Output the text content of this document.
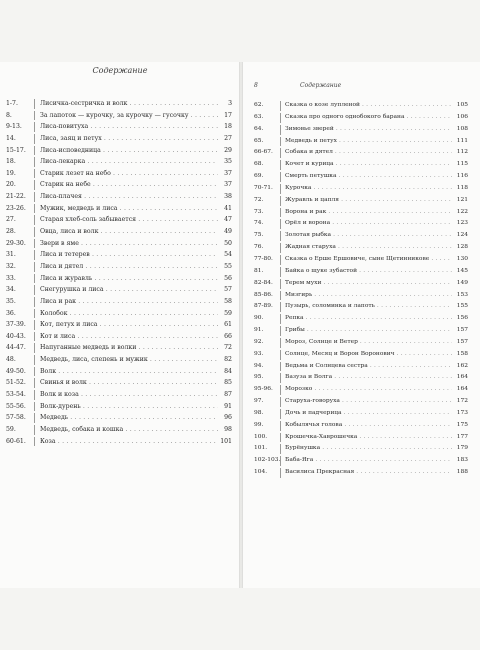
Содержание
8	Содержание
1-7.	Лисичка-сестричка и волк . . .	3
8.	За лапоток — курочку, за курочку — гусочку . . .	17
9-13.	Лиса-повитуха . . .	18
14.	Лиса, заяц и петух . . .	27
15-17.	Лиса-исповедница . . .	29
18.	Лиса-лекарка . . .	35
19.	Старик лезет на небо . . .	37
20.	Старик на небе . . .	37
21-22.	Лиса-плачея . . .	38
23-26.	Мужик, медведь и лиса . . .	41
27.	Старая хлеб-соль забывается . . .	47
28.	Овца, лиса и волк . . .	49
29-30.	Звери в яме . . .	50
31.	Лиса и тетерев . . .	54
32.	Лиса и дятел . . .	55
33.	Лиса и журавль . . .	56
34.	Снегурушка и лиса . . .	57
35.	Лиса и рак . . .	58
36.	Колобок . . .	59
37-39.	Кот, петух и лиса . . .	61
40-43.	Кот и лиса . . .	66
44-47.	Напуганные медведь и волки . . .	72
48.	Медведь, лиса, слепень и мужик . . .	82
49-50.	Волк . . .	84
51-52.	Свинья и волк . . .	85
53-54.	Волк и коза . . .	87
55-56.	Волк-дурень . . .	91
57-58.	Медведь . . .	96
59.	Медведь, собака и кошка . . .	98
60-61.	Коза . . .	101
62.	Сказка о козе лупленой . . .	105
63.	Сказка про одного однобокого барана . . .	106
64.	Зимовье зверей . . .	108
65.	Медведь и петух . . .	111
66-67.	Собака и дятел . . .	112
68.	Кочет и курица . . .	115
69.	Смерть петушка . . .	116
70-71.	Курочка . . .	118
72.	Журавль и цапля . . .	121
73.	Ворона и рак . . .	122
74.	Орёл и ворона . . .	123
75.	Золотая рыбка . . .	124
76.	Жадная старуха . . .	128
77-80.	Сказка о Ерше Ершовиче, сыне Щетинникове . . .	130
81.	Байка о щуке зубастой . . .	145
82-84.	Терем мухи . . .	149
85-86.	Мизгирь . . .	153
87-89.	Пузырь, соломинка и лапоть . . .	155
90.	Репка . . .	156
91.	Грибы . . .	157
92.	Мороз, Солнце и Ветер . . .	157
93.	Солнце, Месяц и Ворон Воронович . . .	158
94.	Ведьма и Солнцева сестра . . .	162
95.	Вазуза и Волга . . .	164
95-96.	Морозко . . .	164
97.	Старуха-говоруха . . .	172
98.	Дочь и падчерица . . .	173
99.	Кобылячья голова . . .	175
100.	Крошечка-Хаврошечка . . .	177
101.	Бурёнушка . . .	179
102-103. Баба-Яга . . .	183
104.	Василиса Прекрасная . . .	188
